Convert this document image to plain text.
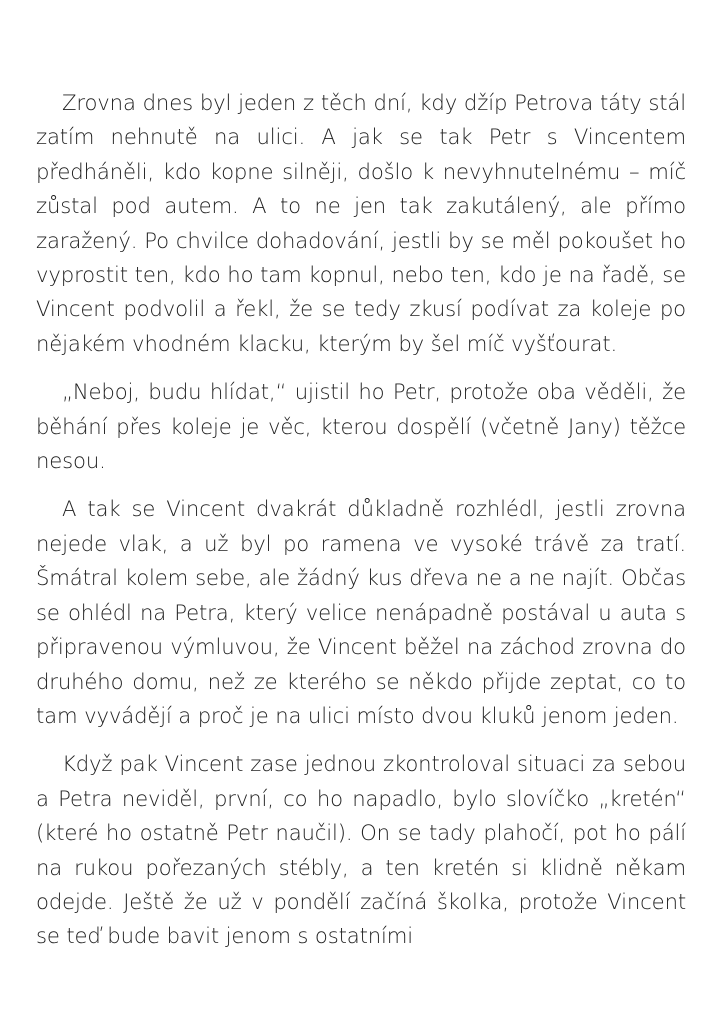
Zrovna dnes byl jeden z těch dní, kdy džíp Petrova táty stál zatím nehnutě na ulici. A jak se tak Petr s Vincentem předháněli, kdo kopne silněji, došlo k nevyhnutelnému – míč zůstal pod autem. A to ne jen tak zakutálený, ale přímo zaražený. Po chvilce dohadování, jestli by se měl pokoušet ho vyprostit ten, kdo ho tam kopnul, nebo ten, kdo je na řadě, se Vincent podvolil a řekl, že se tedy zkusí podívat za koleje po nějakém vhodném klacku, kterým by šel míč vyšťourat.

„Neboj, budu hlídat,“ ujistil ho Petr, protože oba věděli, že běhání přes koleje je věc, kterou dospělí (včetně Jany) těžce nesou.

A tak se Vincent dvakrát důkladně rozhlédl, jestli zrovna nejede vlak, a už byl po ramena ve vysoké trávě za tratí. Šmátral kolem sebe, ale žádný kus dřeva ne a ne najít. Občas se ohlédl na Petra, který velice nenápadně postával u auta s připravenou výmluvou, že Vincent běžel na záchod zrovna do druhého domu, než ze kterého se někdo přijde zeptat, co to tam vyvádějí a proč je na ulici místo dvou kluků jenom jeden.

Když pak Vincent zase jednou zkontroloval situaci za sebou a Petra neviděl, první, co ho napadlo, bylo slovíčko „kretén“ (které ho ostatně Petr naučil). On se tady plahočí, pot ho pálí na rukou pořezaných stébly, a ten kretén si klidně někam odejde. Ještě že už v pondělí začíná školka, protože Vincent se teď bude bavit jenom s ostatními
